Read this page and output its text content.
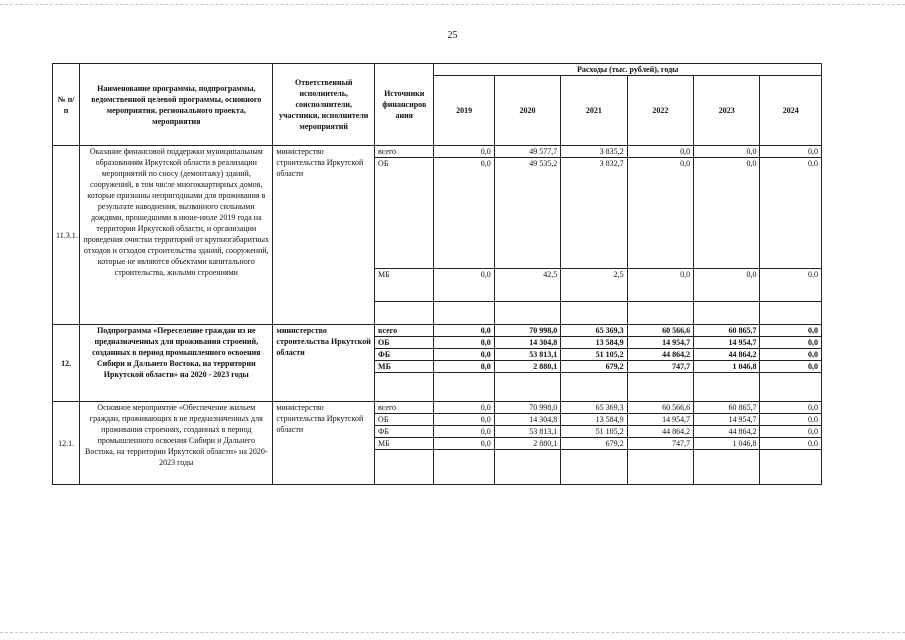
25
№ п/п	Наименование программы, подпрограммы, ведомственной целевой программы, основного мероприятия, регионального проекта, мероприятия	Ответственный исполнитель, соисполнители, участники, исполнители мероприятий	Источники финансиров ания	Расходы (тыс. рублей), годы					
				2019	2020	2021	2022	2023	2024
11.3.1.	Оказание финансовой поддержки муниципальным образованиям Иркутской области в реализации мероприятий по сносу (демонтажу) зданий, сооружений, в том числе многоквартирных домов, которые признаны непригодными для проживания в результате наводнения, вызванного сильными дождями, прошедшими в июне-июле 2019 года на территории Иркутской области, и организации проведения очистки территорий от крупногабаритных отходов и отходов строительства зданий, сооружений, которые не являются объектами капитального строительства, жилыми строениями	министерство строительства Иркутской области	всего	0,0	49 577,7	3 835,2	0,0	0,0	0,0
			ОБ	0,0	49 535,2	3 832,7	0,0	0,0	0,0
			МБ	0,0	42,5	2,5	0,0	0,0	0,0

12.	Подпрограмма «Переселение граждан из не предназначенных для проживания строений, созданных в период промышленного освоения Сибири и Дальнего Востока, на территории Иркутской области» на 2020 - 2023 годы	министерство строительства Иркутской области	всего	0,0	70 998,0	65 369,3	60 566,6	60 865,7	0,0
			ОБ	0,0	14 304,8	13 584,9	14 954,7	14 954,7	0,0
			ФБ	0,0	53 813,1	51 105,2	44 864,2	44 864,2	0,0
			МБ	0,0	2 880,1	679,2	747,7	1 046,8	0,0

12.1.	Основное мероприятие «Обеспечение жильем граждан, проживающих в не предназначенных для проживания строениях, созданных в период промышленного освоения Сибири и Дальнего Востока, на территории Иркутской области» на 2020-2023 годы	министерство строительства Иркутской области	всего	0,0	70 998,0	65 369,3	60 566,6	60 865,7	0,0
			ОБ	0,0	14 304,8	13 584,9	14 954,7	14 954,7	0,0
			ФБ	0,0	53 813,1	51 105,2	44 864,2	44 864,2	0,0
			МБ	0,0	2 880,1	679,2	747,7	1 046,8	0,0
